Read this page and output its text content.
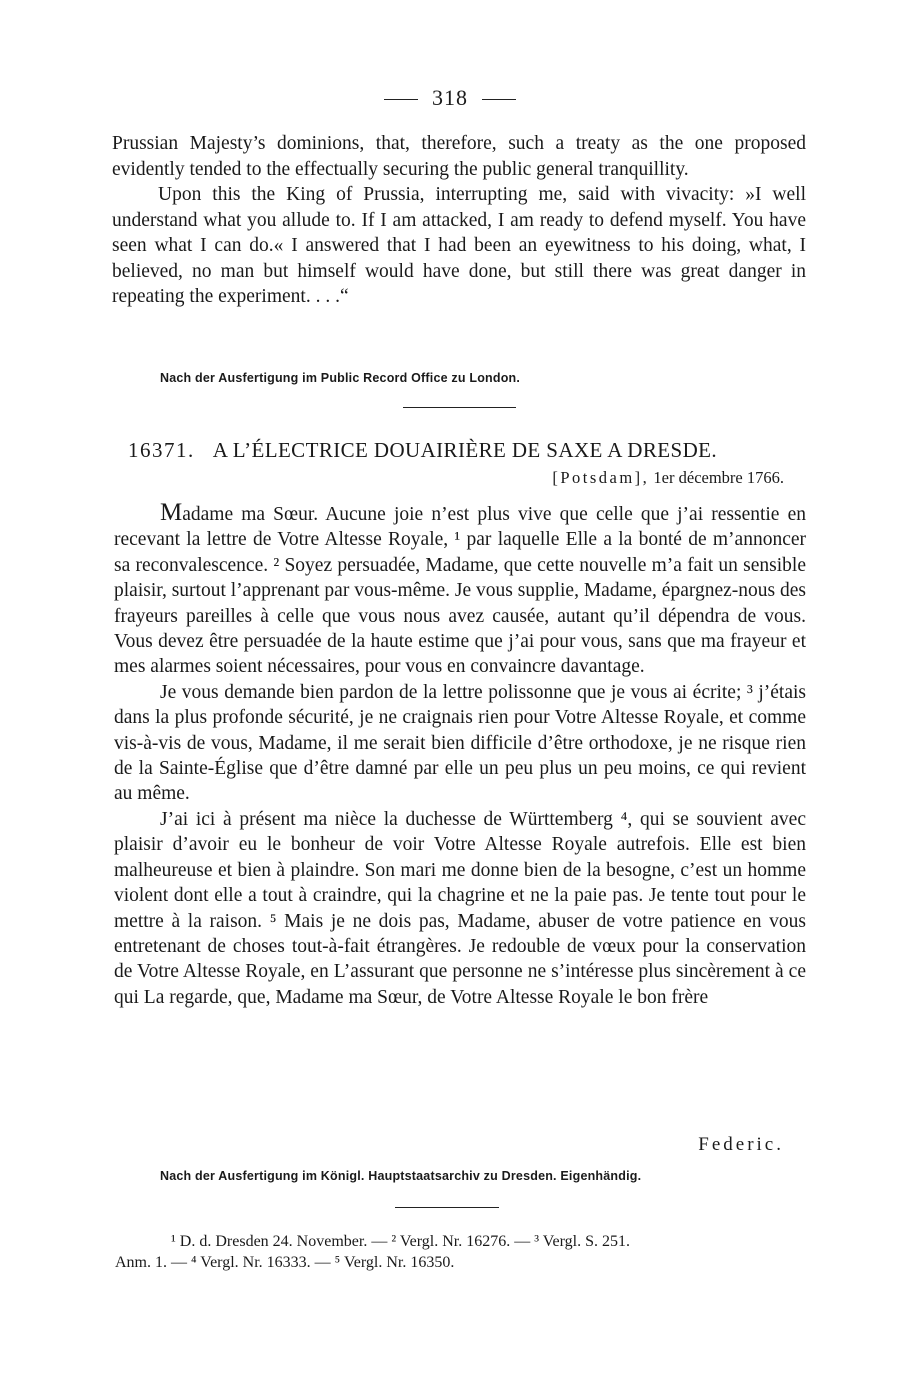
318

Prussian Majesty’s dominions, that, therefore, such a treaty as the one proposed evidently tended to the effectually securing the public general tranquillity.

Upon this the King of Prussia, interrupting me, said with vivacity: »I well understand what you allude to. If I am attacked, I am ready to defend myself. You have seen what I can do.« I answered that I had been an eyewitness to his doing, what, I believed, no man but himself would have done, but still there was great danger in repeating the experiment. . . .“

Nach der Ausfertigung im Public Record Office zu London.
16371. A L’ÉLECTRICE DOUAIRIÈRE DE SAXE A DRESDE.
[Potsdam], 1er décembre 1766.

Madame ma Sœur. Aucune joie n’est plus vive que celle que j’ai ressentie en recevant la lettre de Votre Altesse Royale, ¹ par laquelle Elle a la bonté de m’annoncer sa reconvalescence. ² Soyez persuadée, Madame, que cette nouvelle m’a fait un sensible plaisir, surtout l’apprenant par vous-même. Je vous supplie, Madame, épargnez-nous des frayeurs pareilles à celle que vous nous avez causée, autant qu’il dépendra de vous. Vous devez être persuadée de la haute estime que j’ai pour vous, sans que ma frayeur et mes alarmes soient nécessaires, pour vous en convaincre davantage.

Je vous demande bien pardon de la lettre polissonne que je vous ai écrite; ³ j’étais dans la plus profonde sécurité, je ne craignais rien pour Votre Altesse Royale, et comme vis-à-vis de vous, Madame, il me serait bien difficile d’être orthodoxe, je ne risque rien de la Sainte-Église que d’être damné par elle un peu plus un peu moins, ce qui revient au même.

J’ai ici à présent ma nièce la duchesse de Württemberg ⁴, qui se souvient avec plaisir d’avoir eu le bonheur de voir Votre Altesse Royale autrefois. Elle est bien malheureuse et bien à plaindre. Son mari me donne bien de la besogne, c’est un homme violent dont elle a tout à craindre, qui la chagrine et ne la paie pas. Je tente tout pour le mettre à la raison. ⁵ Mais je ne dois pas, Madame, abuser de votre patience en vous entretenant de choses tout-à-fait étrangères. Je redouble de vœux pour la conservation de Votre Altesse Royale, en L’assurant que personne ne s’intéresse plus sincèrement à ce qui La regarde, que, Madame ma Sœur, de Votre Altesse Royale le bon frère

Federic.
Nach der Ausfertigung im Königl. Hauptstaatsarchiv zu Dresden. Eigenhändig.

¹ D. d. Dresden 24. November. — ² Vergl. Nr. 16276. — ³ Vergl. S. 251.

Anm. 1. — ⁴ Vergl. Nr. 16333. — ⁵ Vergl. Nr. 16350.
